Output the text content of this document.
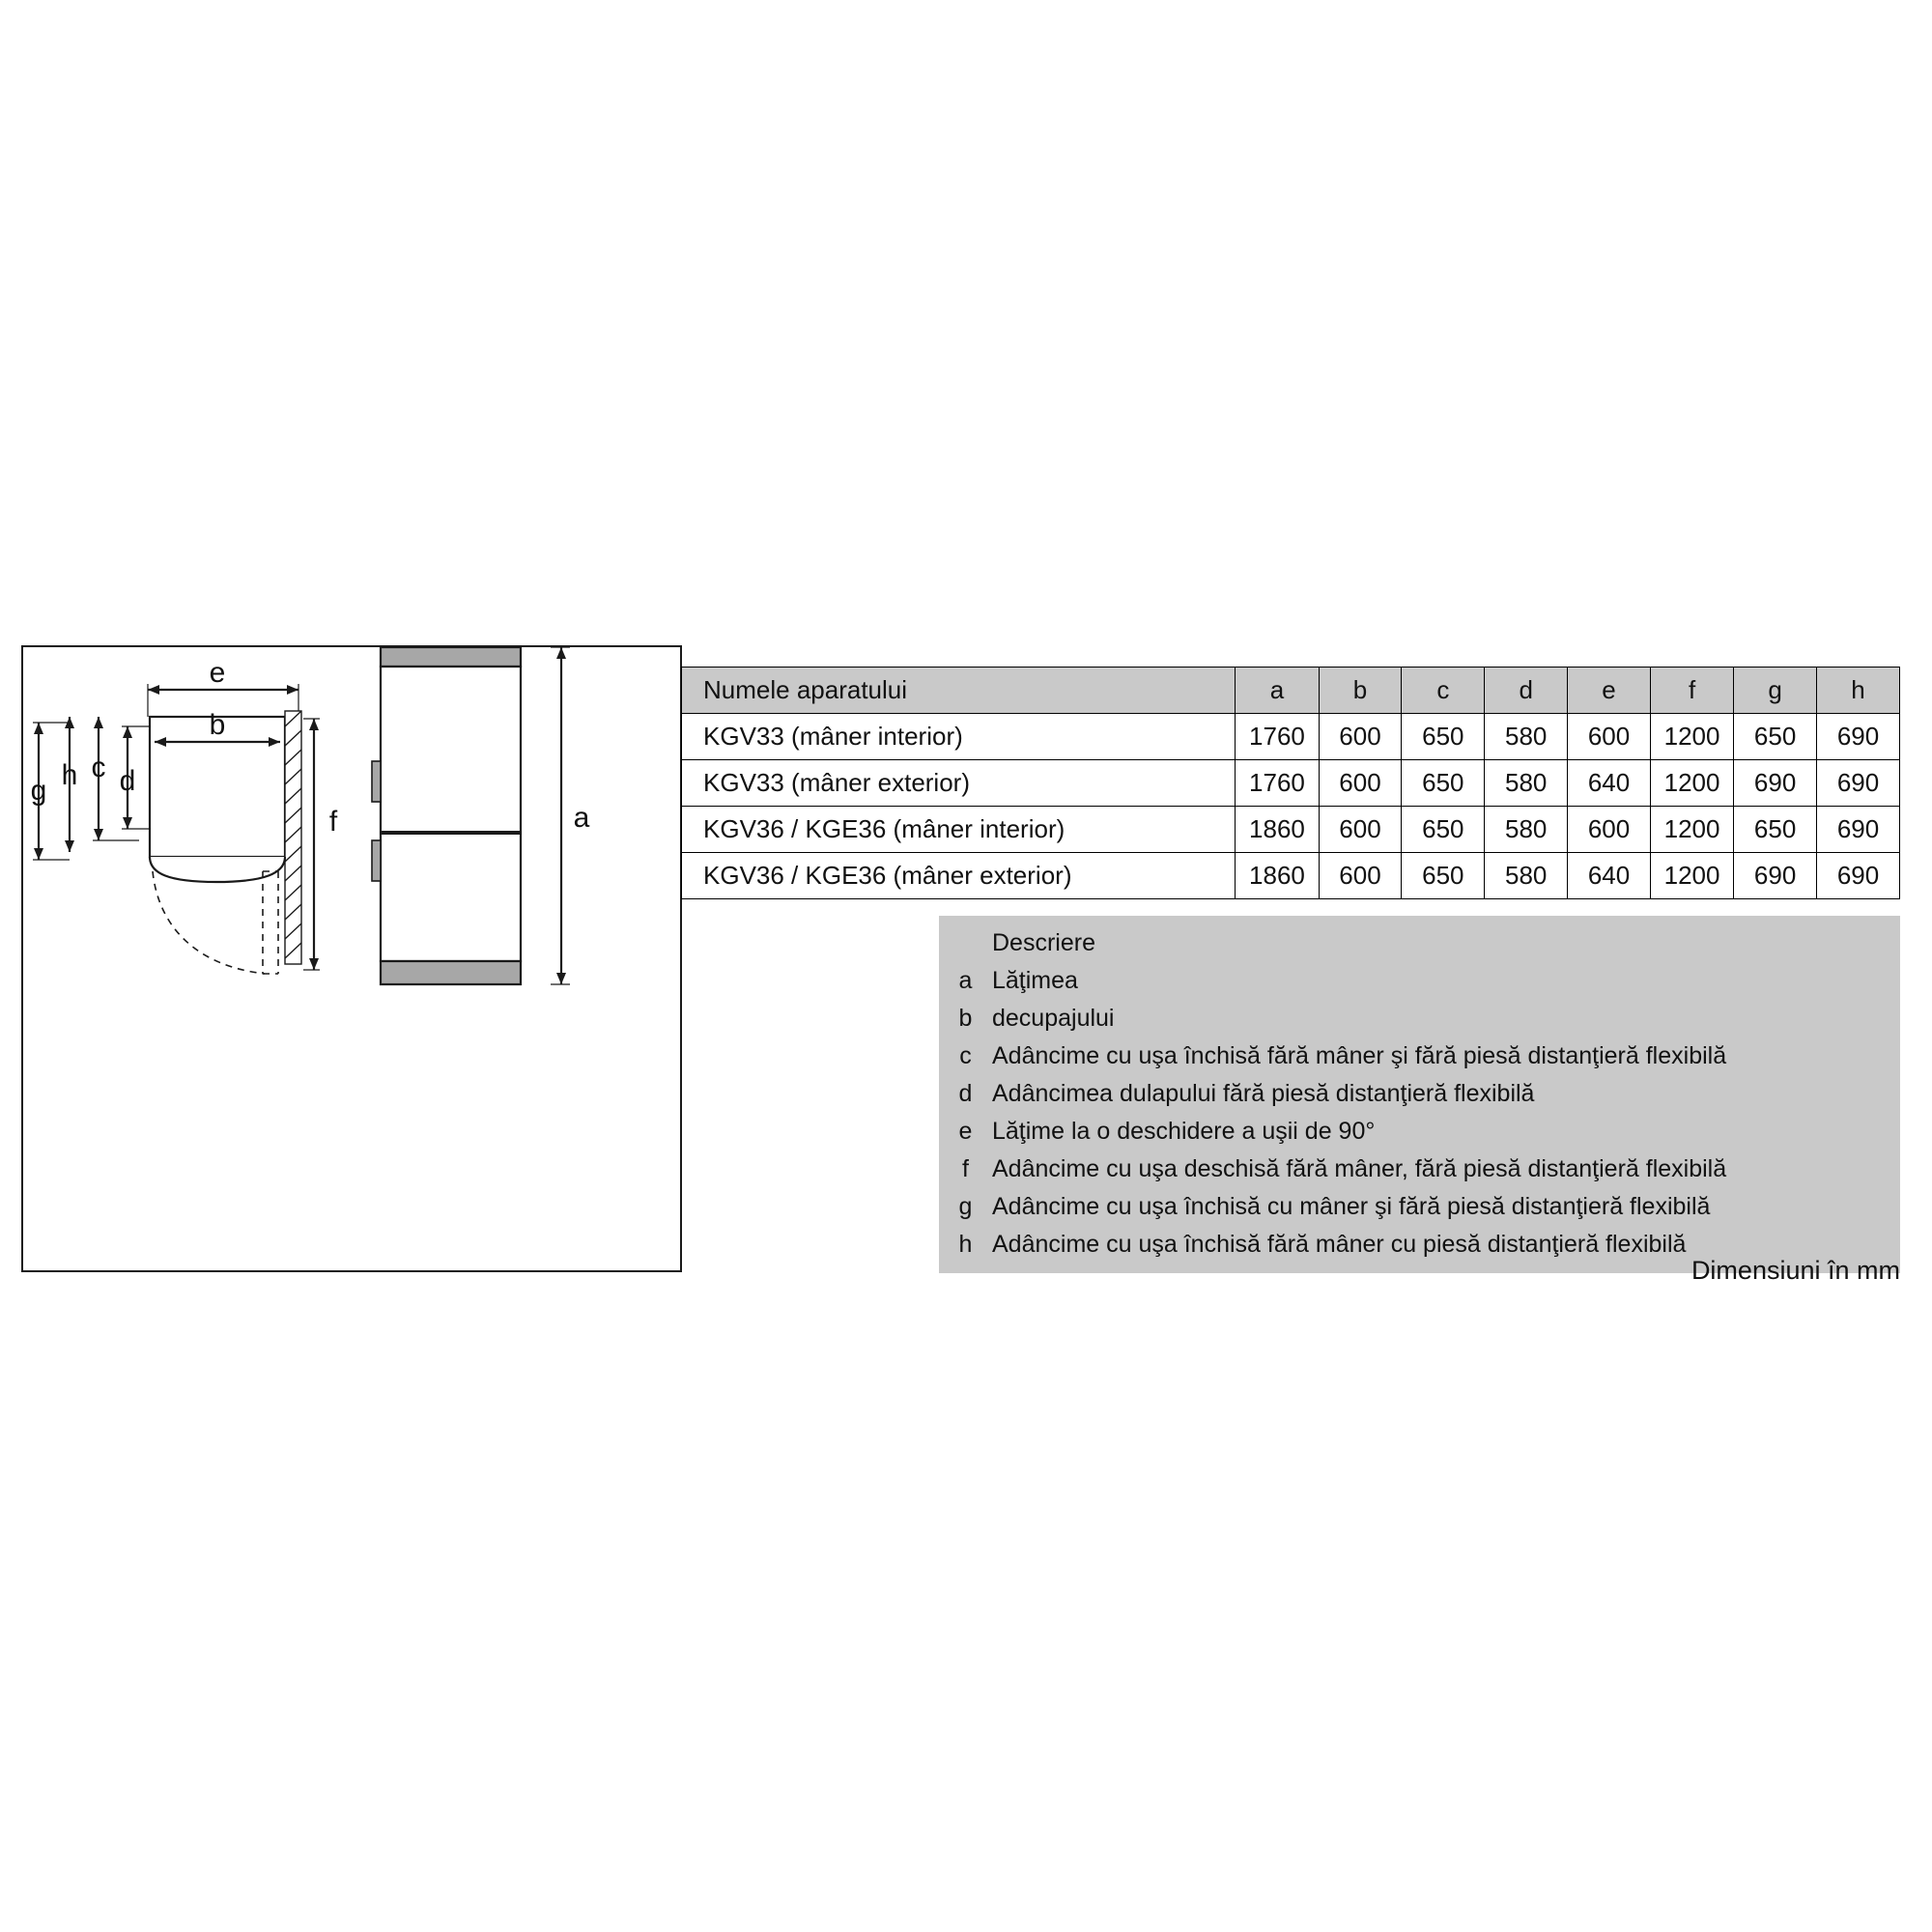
e
b
g h c d
f	a
Numele aparatului	a	b	c	d	e	f	g	h
KGV33 (mâner interior)	1760	600	650	580	600	1200	650	690
KGV33 (mâner exterior)	1760	600	650	580	640	1200	690	690
KGV36 / KGE36 (mâner interior)	1860	600	650	580	600	1200	650	690
KGV36 / KGE36 (mâner exterior)	1860	600	650	580	640	1200	690	690
Descriere
a Lăţimea
b decupajului
c Adâncime cu uşa închisă fără mâner şi fără piesă distanţieră flexibilă
d Adâncimea dulapului fără piesă distanţieră flexibilă
e Lăţime la o deschidere a uşii de 90°
f Adâncime cu uşa deschisă fără mâner, fără piesă distanţieră flexibilă
g Adâncime cu uşa închisă cu mâner şi fără piesă distanţieră flexibilă
h Adâncime cu uşa închisă fără mâner cu piesă distanţieră flexibilă
Dimensiuni în mm
